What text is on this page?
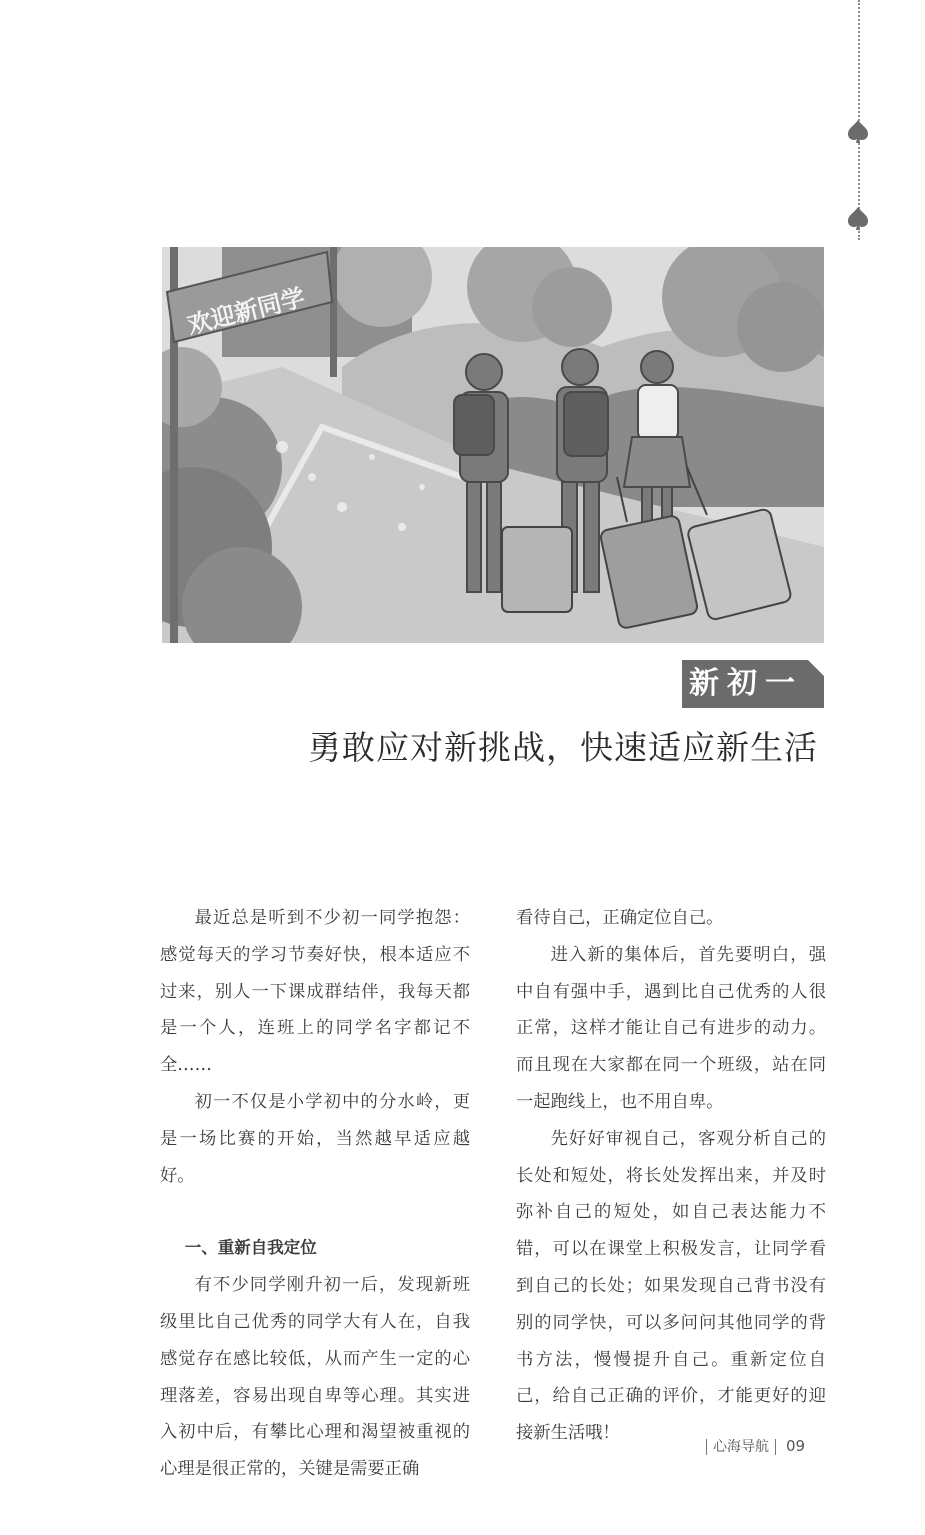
欢迎新同学
新初一
勇敢应对新挑战，快速适应新生活

最近总是听到不少初一同学抱怨：感觉每天的学习节奏好快，根本适应不过来，别人一下课成群结伴，我每天都是一个人，连班上的同学名字都记不全……

初一不仅是小学初中的分水岭，更是一场比赛的开始，当然越早适应越好。

一、重新自我定位

有不少同学刚升初一后，发现新班级里比自己优秀的同学大有人在，自我感觉存在感比较低，从而产生一定的心理落差，容易出现自卑等心理。其实进入初中后，有攀比心理和渴望被重视的心理是很正常的，关键是需要正确

看待自己，正确定位自己。

进入新的集体后，首先要明白，强中自有强中手，遇到比自己优秀的人很正常，这样才能让自己有进步的动力。而且现在大家都在同一个班级，站在同一起跑线上，也不用自卑。

先好好审视自己，客观分析自己的长处和短处，将长处发挥出来，并及时弥补自己的短处，如自己表达能力不错，可以在课堂上积极发言，让同学看到自己的长处；如果发现自己背书没有别的同学快，可以多问问其他同学的背书方法，慢慢提升自己。重新定位自己，给自己正确的评价，才能更好的迎接新生活哦！

心海导航 09
